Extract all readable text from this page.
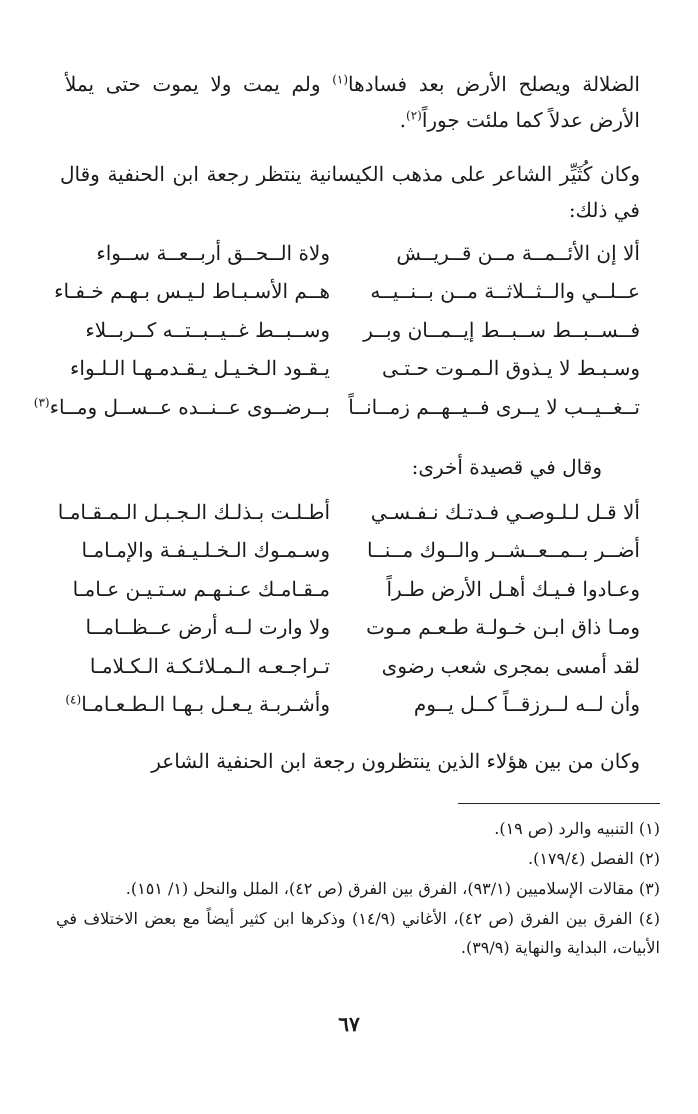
الضلالة ويصلح الأرض بعد فسادها$^{(١)}$ ولم يمت ولا يموت حتى يملأ الأرض عدلاً كما ملئت جوراً$^{(٢)}$.

وكان كُثَيِّر الشاعر على مذهب الكيسانية ينتظر رجعة ابن الحنفية وقال في ذلك:

ألا إن الأئــمــة مــن قــريــش
ولاة الــحــق أربــعــة ســواء
عــلــي والــثــلاثــة مــن بــنــيــه
هــم الأسـبـاط لـيـس بـهـم خـفـاء
فــســبــط ســبــط إيــمــان وبــر
وســبــط غــيــبــتــه كــربــلاء
وسـبـط لا يـذوق الـمـوت حـتـى
يـقـود الـخـيـل يـقـدمـهـا الـلـواء
تــغــيــب لا يــرى فــيــهــم زمــانــاً
بــرضــوى عــنــده عــســل ومــاء$^{(٣)}$
وقال في قصيدة أخرى:
ألا قـل لـلـوصـي فـدتـك نـفـسـي
أطـلـت بـذلـك الـجـبـل الـمـقـامـا
أضــر بــمــعــشــر والــوك مــنــا
وسـمـوك الـخـلـيـفـة والإمـامـا
وعـادوا فـيـك أهـل الأرض طـراً
مـقـامـك عـنـهـم سـتـيـن عـامـا
ومـا ذاق ابـن خـولـة طـعـم مـوت
ولا وارت لــه أرض عــظــامــا
لقد أمسى بمجرى شعب رضوى
تـراجـعـه الـمـلائـكـة الـكـلامـا
وأن لــه لــرزقــاً كــل يــوم
وأشـربـة يـعـل بـهـا الـطـعـامـا$^{(٤)}$
وكان من بين هؤلاء الذين ينتظرون رجعة ابن الحنفية الشاعر

(١) التنبيه والرد (ص ١٩).

(٢) الفصل (١٧٩/٤).

(٣) مقالات الإسلاميين (٩٣/١)، الفرق بين الفرق (ص ٤٢)، الملل والنحل (١/ ١٥١).

(٤) الفرق بين الفرق (ص ٤٢)، الأغاني (١٤/٩) وذكرها ابن كثير أيضاً مع بعض الاختلاف في الأبيات، البداية والنهاية (٣٩/٩).

٦٧
